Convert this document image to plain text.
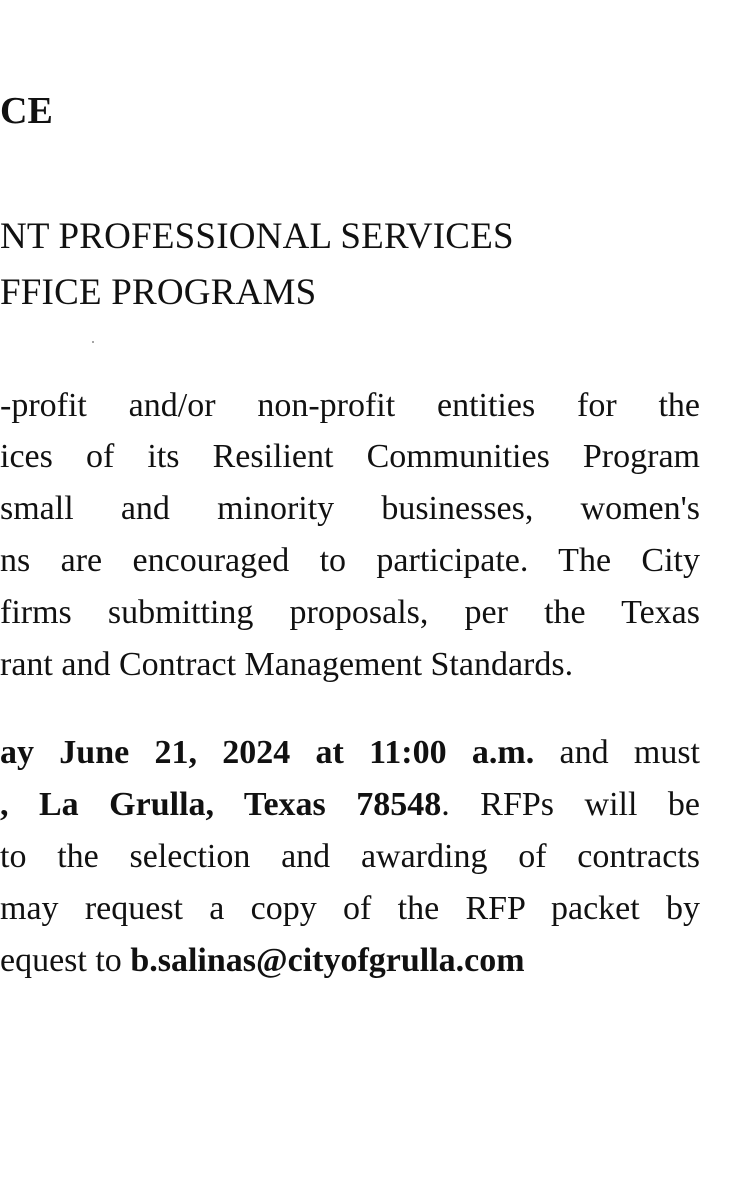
CE
NT PROFESSIONAL SERVICES
FFICE PROGRAMS
-profit and/or non-profit entities for the
ices of its Resilient Communities Program
small and minority businesses, women's
ns are encouraged to participate. The City
firms submitting proposals, per the Texas
rant and Contract Management Standards.
ay June 21, 2024 at 11:00 a.m. and must
, La Grulla, Texas 78548. RFPs will be
to the selection and awarding of contracts
may request a copy of the RFP packet by
equest to b.salinas@cityofgrulla.com
